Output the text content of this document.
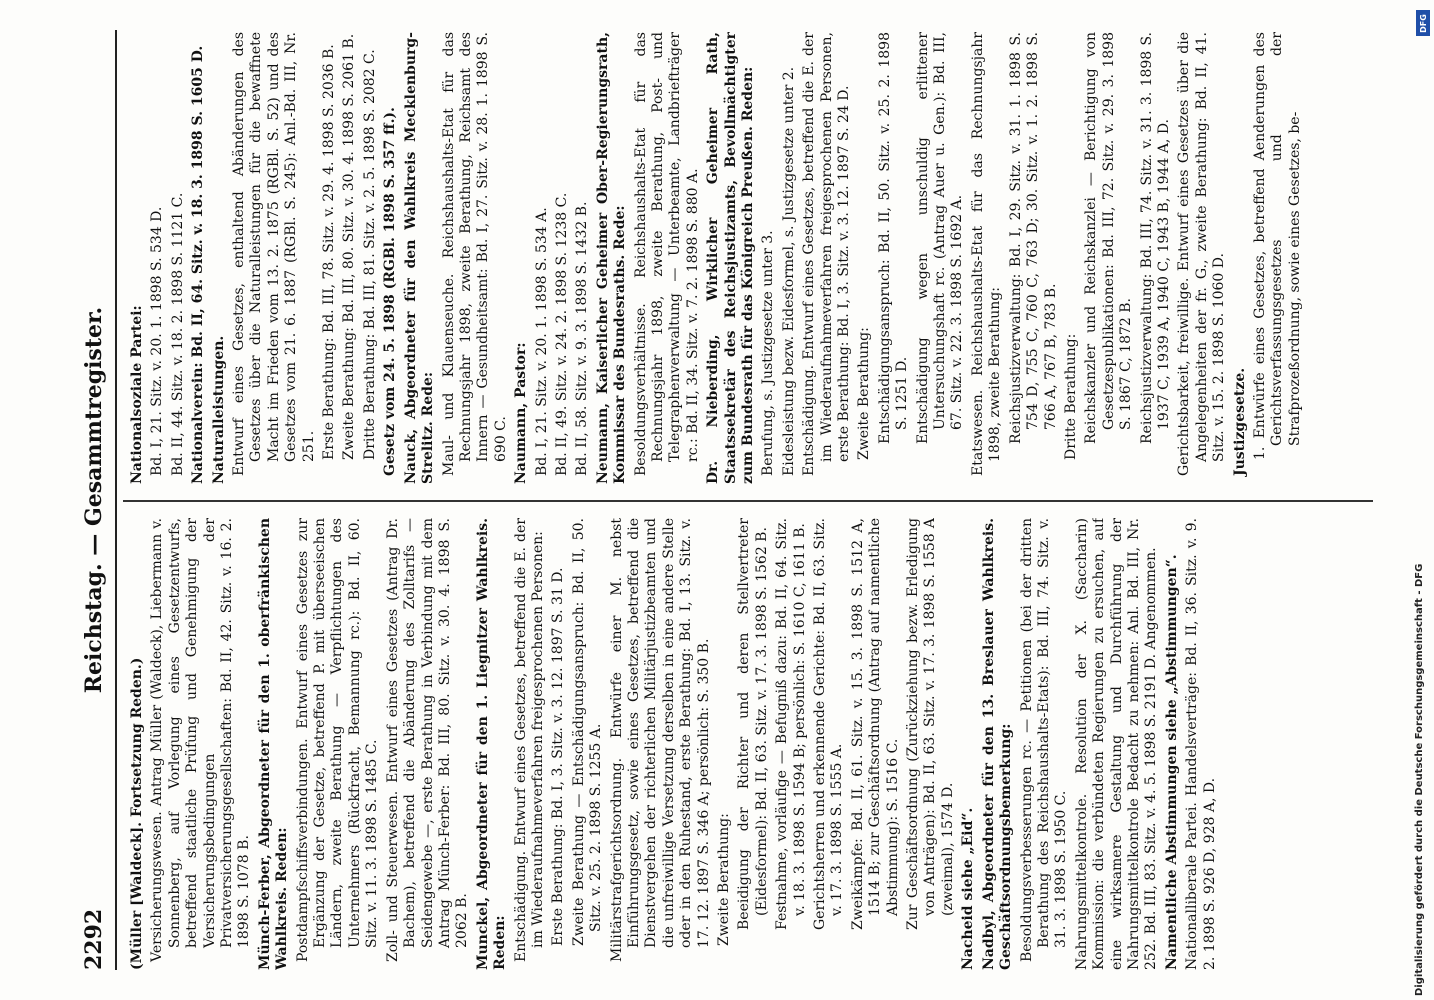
2292
Reichstag. — Gesammtregister.
(Müller [Waldeck]. Fortsetzung Reden.) Versicherungswesen. Antrag Müller (Waldeck), Liebermann v. Sonnenberg, auf Vorlegung eines Gesetzentwurfs, betreffend staatliche Prüfung und Genehmigung der Versicherungsbedingungen der Privatversicherungsgesellschaften: Bd. II, 42. Sitz. v. 16. 2. 1898 S. 1078 B. Münch-Ferber, Abgeordneter für den 1. oberfränkischen Wahlkreis. Reden: Postdampfschiffsverbindungen. Entwurf eines Gesetzes zur Ergänzung der Gesetze, betreffend P. mit überseeischen Ländern, zweite Berathung — Verpflichtungen des Unternehmers (Rückfracht, Bemannung rc.): Bd. II, 60. Sitz. v. 11. 3. 1898 S. 1485 C. Zoll- und Steuerwesen. Entwurf eines Gesetzes (Antrag Dr. Bachem), betreffend die Abänderung des Zolltarifs — Seidengewebe —, erste Berathung in Verbindung mit dem Antrag Münch-Ferber: Bd. III, 80. Sitz. v. 30. 4. 1898 S. 2062 B. Munckel, Abgeordneter für den 1. Liegnitzer Wahlkreis. Reden: Entschädigung. Entwurf eines Gesetzes, betreffend die E. der im Wiederaufnahmeverfahren freigesprochenen Personen: Erste Berathung: Bd. I, 3. Sitz. v. 3. 12. 1897 S. 31 D. Zweite Berathung — Entschädigungsanspruch: Bd. II, 50. Sitz. v. 25. 2. 1898 S. 1255 A. Militärstrafgerichtsordnung. Entwürfe einer M. nebst Einführungsgesetz, sowie eines Gesetzes, betreffend die Dienstvergehen der richterlichen Militärjustizbeamten und die unfreiwillige Versetzung derselben in eine andere Stelle oder in den Ruhestand, erste Berathung: Bd. I, 13. Sitz. v. 17. 12. 1897 S. 346 A; persönlich: S. 350 B. Zweite Berathung: Beeidigung der Richter und deren Stellvertreter (Eidesformel): Bd. II, 63. Sitz. v. 17. 3. 1898 S. 1562 B. Festnahme, vorläufige — Befugniß dazu: Bd. II, 64. Sitz. v. 18. 3. 1898 S. 1594 B; persönlich: S. 1610 C, 1611 B. Gerichtsherren und erkennende Gerichte: Bd. II, 63. Sitz. v. 17. 3. 1898 S. 1555 A. Zweikämpfe: Bd. II, 61. Sitz. v. 15. 3. 1898 S. 1512 A, 1514 B; zur Geschäftsordnung (Antrag auf namentliche Abstimmung): S. 1516 C. Zur Geschäftsordnung (Zurückziehung bezw. Erledigung von Anträgen): Bd. II, 63. Sitz. v. 17. 3. 1898 S. 1558 A (zweimal), 1574 D. Nacheid siehe „Eid“. Nadbyl, Abgeordneter für den 13. Breslauer Wahlkreis. Geschäftsordnungsbemerkung: Besoldungsverbesserungen rc. — Petitionen (bei der dritten Berathung des Reichshaushalts-Etats): Bd. III, 74. Sitz. v. 31. 3. 1898 S. 1950 C. Nahrungsmittelkontrole. Resolution der X. (Saccharin) Kommission: die verbündeten Regierungen zu ersuchen, auf eine wirksamere Gestaltung und Durchführung der Nahrungsmittelkontrole Bedacht zu nehmen: Anl. Bd. III, Nr. 252. Bd. III, 83. Sitz. v. 4. 5. 1898 S. 2191 D. Angenommen. Namentliche Abstimmungen siehe „Abstimmungen“. Nationalliberale Partei. Handelsverträge: Bd. II, 36. Sitz. v. 9. 2. 1898 S. 926 D, 928 A, D.
Nationalsoziale Partei: Bd. I, 21. Sitz. v. 20. 1. 1898 S. 534 D. Bd. II, 44. Sitz. v. 18. 2. 1898 S. 1121 C. Nationalverein: Bd. II, 64. Sitz. v. 18. 3. 1898 S. 1605 D. Naturalleistungen. Entwurf eines Gesetzes, enthaltend Abänderungen des Gesetzes über die Naturalleistungen für die bewaffnete Macht im Frieden vom 13. 2. 1875 (RGBl. S. 52) und des Gesetzes vom 21. 6. 1887 (RGBl. S. 245): Anl.-Bd. III, Nr. 251. Erste Berathung: Bd. III, 78. Sitz. v. 29. 4. 1898 S. 2036 B. Zweite Berathung: Bd. III, 80. Sitz. v. 30. 4. 1898 S. 2061 B. Dritte Berathung: Bd. III, 81. Sitz. v. 2. 5. 1898 S. 2082 C. Gesetz vom 24. 5. 1898 (RGBl. 1898 S. 357 ff.). Nauck, Abgeordneter für den Wahlkreis Mecklenburg-Strelitz. Rede: Maul- und Klauenseuche. Reichshaushalts-Etat für das Rechnungsjahr 1898, zweite Berathung, Reichsamt des Innern — Gesundheitsamt: Bd. I, 27. Sitz. v. 28. 1. 1898 S. 690 C. Naumann, Pastor: Bd. I, 21. Sitz. v. 20. 1. 1898 S. 534 A. Bd. II, 49. Sitz. v. 24. 2. 1898 S. 1238 C. Bd. II, 58. Sitz. v. 9. 3. 1898 S. 1432 B. Neumann, Kaiserlicher Geheimer Ober-Regierungsrath, Kommissar des Bundesraths. Rede: Besoldungsverhältnisse. Reichshaushalts-Etat für das Rechnungsjahr 1898, zweite Berathung, Post- und Telegraphenverwaltung — Unterbeamte, Landbriefträger rc.: Bd. II, 34. Sitz. v. 7. 2. 1898 S. 880 A. Dr. Nieberding, Wirklicher Geheimer Rath, Staatssekretär des Reichsjustizamts, Bevollmächtigter zum Bundesrath für das Königreich Preußen. Reden: Berufung, s. Justizgesetze unter 3. Eidesleistung bezw. Eidesformel, s. Justizgesetze unter 2. Entschädigung. Entwurf eines Gesetzes, betreffend die E. der im Wiederaufnahmeverfahren freigesprochenen Personen, erste Berathung: Bd. I, 3. Sitz. v. 3. 12. 1897 S. 24 D. Zweite Berathung: Entschädigungsanspruch: Bd. II, 50. Sitz. v. 25. 2. 1898 S. 1251 D. Entschädigung wegen unschuldig erlittener Untersuchungshaft rc. (Antrag Auer u. Gen.): Bd. III, 67. Sitz. v. 22. 3. 1898 S. 1692 A. Etatswesen. Reichshaushalts-Etat für das Rechnungsjahr 1898, zweite Berathung: Reichsjustizverwaltung: Bd. I, 29. Sitz. v. 31. 1. 1898 S. 754 D, 755 C, 760 C, 763 D; 30. Sitz. v. 1. 2. 1898 S. 766 A, 767 B, 783 B. Dritte Berathung: Reichskanzler und Reichskanzlei — Berichtigung von Gesetzespublikationen: Bd. III, 72. Sitz. v. 29. 3. 1898 S. 1867 C, 1872 B. Reichsjustizverwaltung: Bd. III, 74. Sitz. v. 31. 3. 1898 S. 1937 C, 1939 A, 1940 C, 1943 B, 1944 A, D. Gerichtsbarkeit, freiwillige. Entwurf eines Gesetzes über die Angelegenheiten der fr. G., zweite Berathung: Bd. II, 41. Sitz. v. 15. 2. 1898 S. 1060 D. Justizgesetze. 1. Entwürfe eines Gesetzes, betreffend Aenderungen des Gerichtsverfassungsgesetzes und der Strafprozeßordnung, sowie eines Gesetzes, be-
DFG
Digitalisierung gefördert durch die Deutsche Forschungsgemeinschaft - DFG
